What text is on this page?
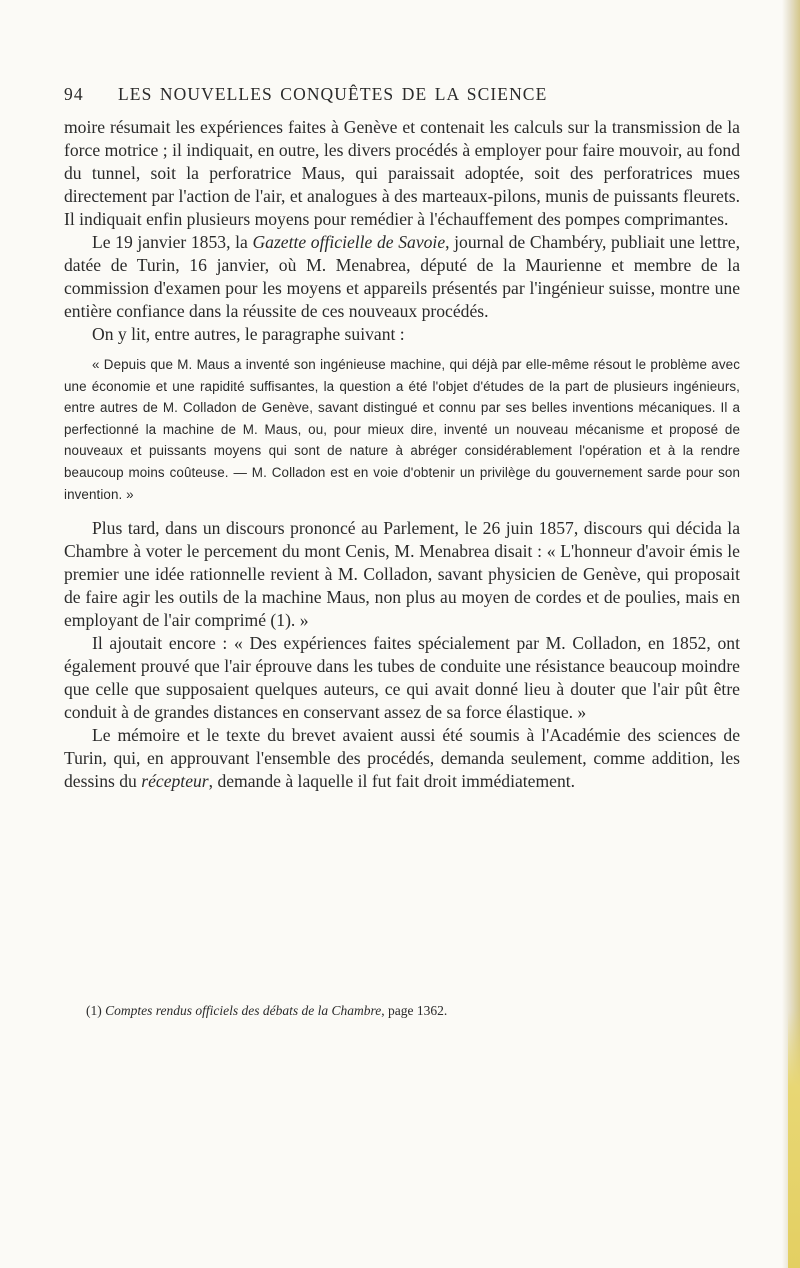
94 LES NOUVELLES CONQUÊTES DE LA SCIENCE

moire résumait les expériences faites à Genève et contenait les calculs sur la transmission de la force motrice ; il indiquait, en outre, les divers procédés à employer pour faire mouvoir, au fond du tunnel, soit la perforatrice Maus, qui paraissait adoptée, soit des perforatrices mues directement par l'action de l'air, et analogues à des marteaux-pilons, munis de puissants fleurets. Il indiquait enfin plusieurs moyens pour remédier à l'échauffement des pompes comprimantes.

Le 19 janvier 1853, la Gazette officielle de Savoie, journal de Chambéry, publiait une lettre, datée de Turin, 16 janvier, où M. Menabrea, député de la Maurienne et membre de la commission d'examen pour les moyens et appareils présentés par l'ingénieur suisse, montre une entière confiance dans la réussite de ces nouveaux procédés.

On y lit, entre autres, le paragraphe suivant :

« Depuis que M. Maus a inventé son ingénieuse machine, qui déjà par elle-même résout le problème avec une économie et une rapidité suffisantes, la question a été l'objet d'études de la part de plusieurs ingénieurs, entre autres de M. Colladon de Genève, savant distingué et connu par ses belles inventions mécaniques. Il a perfectionné la machine de M. Maus, ou, pour mieux dire, inventé un nouveau mécanisme et proposé de nouveaux et puissants moyens qui sont de nature à abréger considérablement l'opération et à la rendre beaucoup moins coûteuse. — M. Colladon est en voie d'obtenir un privilège du gouvernement sarde pour son invention. »

Plus tard, dans un discours prononcé au Parlement, le 26 juin 1857, discours qui décida la Chambre à voter le percement du mont Cenis, M. Menabrea disait : « L'honneur d'avoir émis le premier une idée rationnelle revient à M. Colladon, savant physicien de Genève, qui proposait de faire agir les outils de la machine Maus, non plus au moyen de cordes et de poulies, mais en employant de l'air comprimé (1). »

Il ajoutait encore : « Des expériences faites spécialement par M. Colladon, en 1852, ont également prouvé que l'air éprouve dans les tubes de conduite une résistance beaucoup moindre que celle que supposaient quelques auteurs, ce qui avait donné lieu à douter que l'air pût être conduit à de grandes distances en conservant assez de sa force élastique. »

Le mémoire et le texte du brevet avaient aussi été soumis à l'Académie des sciences de Turin, qui, en approuvant l'ensemble des procédés, demanda seulement, comme addition, les dessins du récepteur, demande à laquelle il fut fait droit immédiatement.

(1) Comptes rendus officiels des débats de la Chambre, page 1362.
